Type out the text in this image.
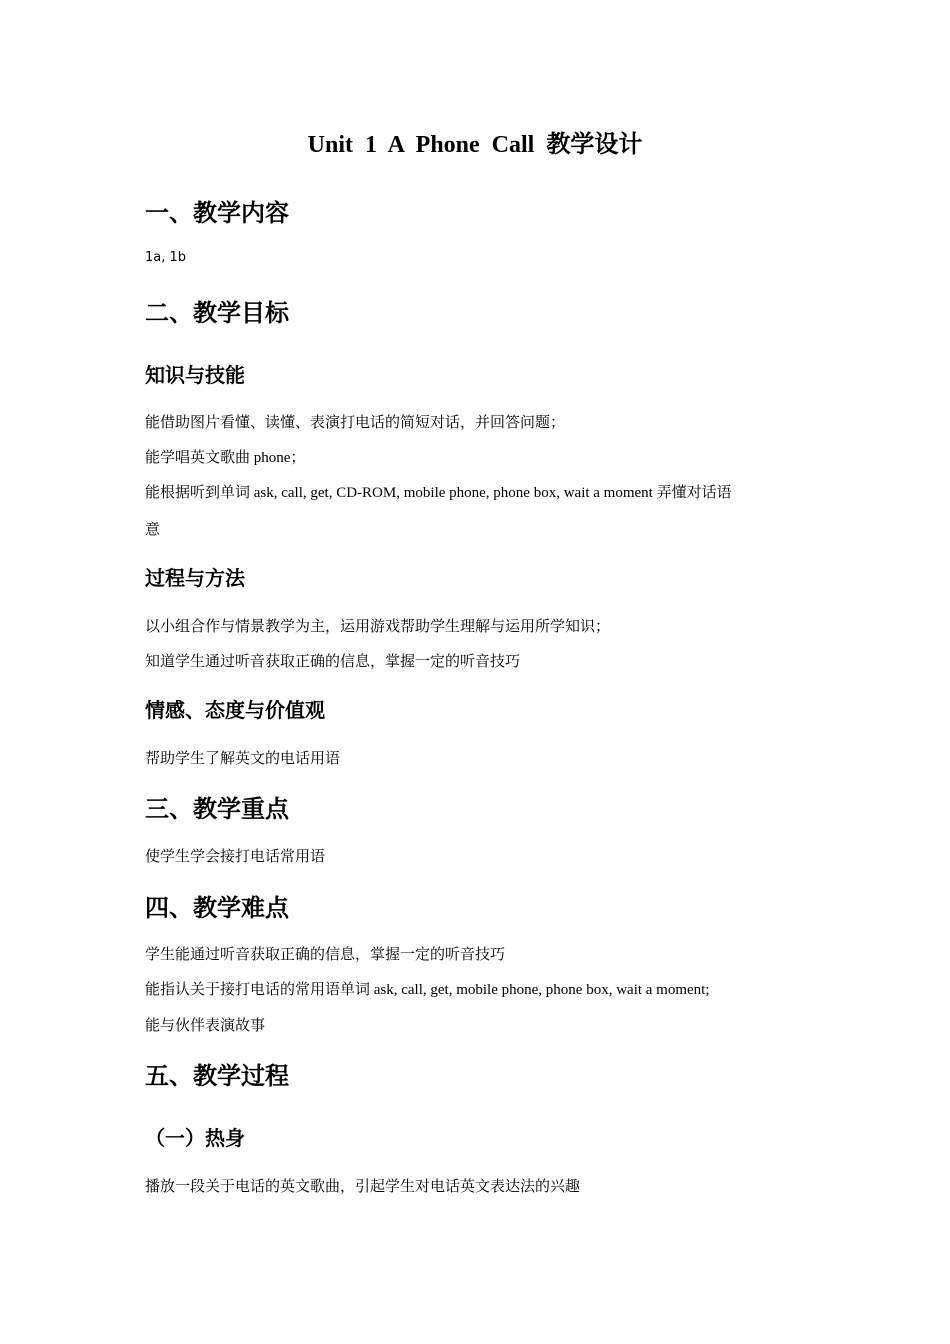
Unit 1 A Phone Call 教学设计
一、教学内容
1a, 1b
二、教学目标
知识与技能
能借助图片看懂、读懂、表演打电话的简短对话，并回答问题；
能学唱英文歌曲 phone；
能根据听到单词 ask, call, get, CD-ROM, mobile phone, phone box, wait a moment 弄懂对话语
意
过程与方法
以小组合作与情景教学为主，运用游戏帮助学生理解与运用所学知识；
知道学生通过听音获取正确的信息，掌握一定的听音技巧
情感、态度与价值观
帮助学生了解英文的电话用语
三、教学重点
使学生学会接打电话常用语
四、教学难点
学生能通过听音获取正确的信息，掌握一定的听音技巧
能指认关于接打电话的常用语单词 ask, call, get, mobile phone, phone box, wait a moment;
能与伙伴表演故事
五、教学过程
（一）热身
播放一段关于电话的英文歌曲，引起学生对电话英文表达法的兴趣
